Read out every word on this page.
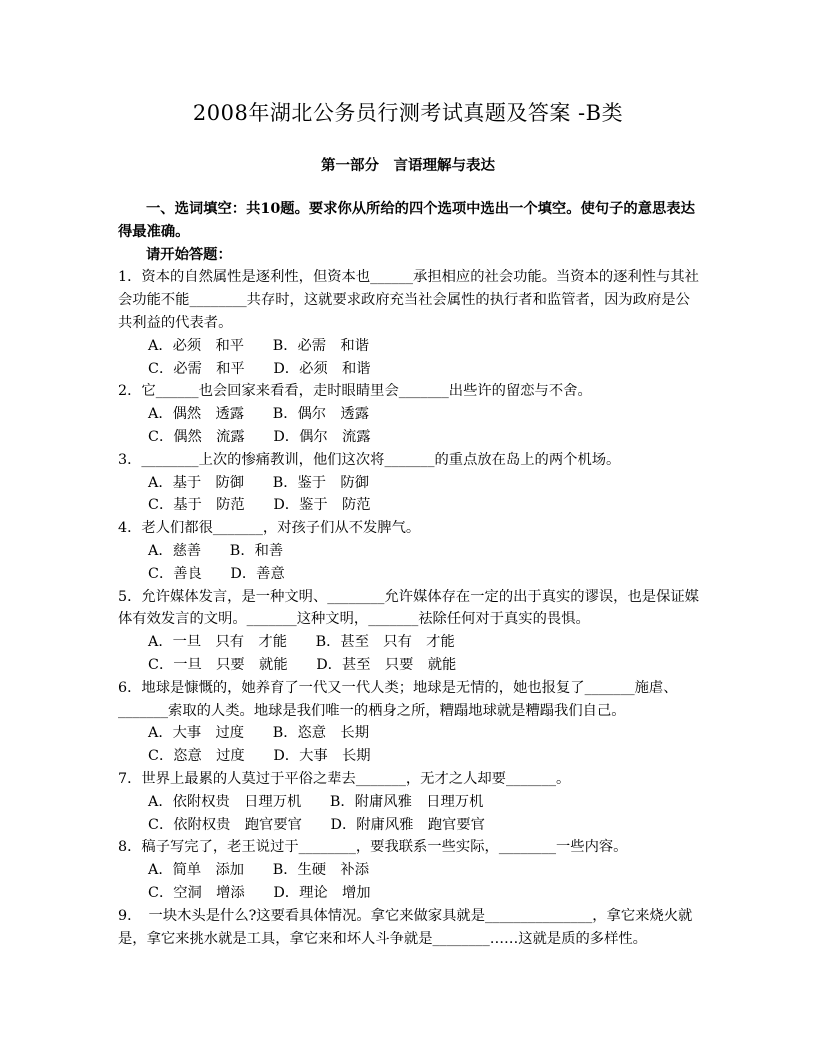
2008年湖北公务员行测考试真题及答案 -B类
第一部分　言语理解与表达

一、选词填空：共10题。要求你从所给的四个选项中选出一个填空。使句子的意思表达得最准确。

请开始答题：

1．资本的自然属性是逐利性，但资本也______承担相应的社会功能。当资本的逐利性与其社会功能不能________共存时，这就要求政府充当社会属性的执行者和监管者，因为政府是公共利益的代表者。

A．必须　和平　　B．必需　和谐

C．必需　和平　　D．必须　和谐

2．它______也会回家来看看，走时眼睛里会_______出些许的留恋与不舍。

A．偶然　透露　　B．偶尔　透露

C．偶然　流露　　D．偶尔　流露

3．________上次的惨痛教训，他们这次将_______的重点放在岛上的两个机场。

A．基于　防御　　B．鉴于　防御

C．基于　防范　　D．鉴于　防范

4．老人们都很_______，对孩子们从不发脾气。

A．慈善　　B．和善

C．善良　　D．善意

5．允许媒体发言，是一种文明、________允许媒体存在一定的出于真实的谬误，也是保证媒体有效发言的文明。_______这种文明，_______祛除任何对于真实的畏惧。

A．一旦　只有　才能　　B．甚至　只有　才能

C．一旦　只要　就能　　D．甚至　只要　就能

6．地球是慷慨的，她养育了一代又一代人类；地球是无情的，她也报复了_______施虐、_______索取的人类。地球是我们唯一的栖身之所，糟蹋地球就是糟蹋我们自己。

A．大事　过度　　B．恣意　长期

C．恣意　过度　　D．大事　长期

7．世界上最累的人莫过于平俗之辈去_______，无才之人却要_______。

A．依附权贵　日理万机　　B．附庸风雅　日理万机

C．依附权贵　跑官要官　　D．附庸风雅　跑官要官

8．稿子写完了，老王说过于________，要我联系一些实际，________一些内容。

A．简单　添加　　B．生硬　补添

C．空洞　增添　　D．理论　增加

9．　一块木头是什么?这要看具体情况。拿它来做家具就是_______________，拿它来烧火就是，拿它来挑水就是工具，拿它来和坏人斗争就是________……这就是质的多样性。
